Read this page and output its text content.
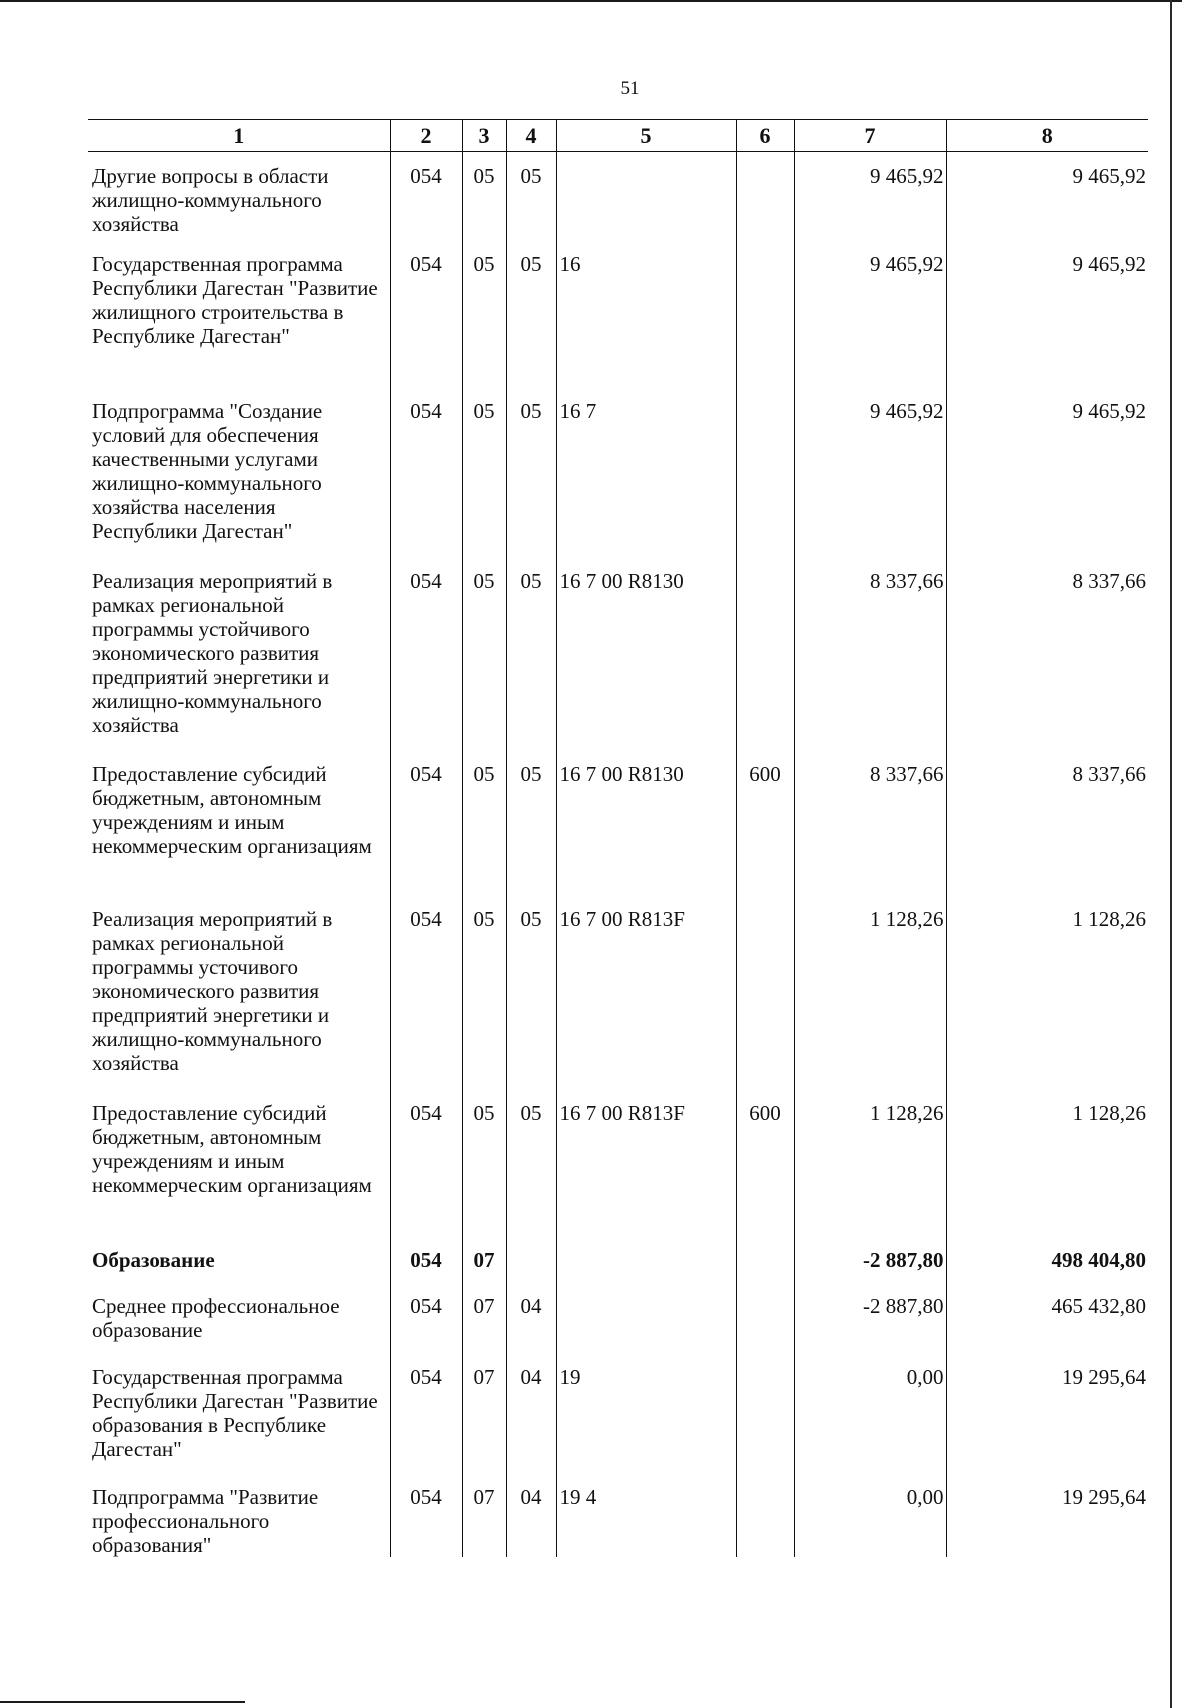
51
1	2	3	4	5	6	7	8
Другие вопросы в области жилищно-коммунального хозяйства	054	05	05			9 465,92	9 465,92
Государственная программа Республики Дагестан "Развитие жилищного строительства в Республике Дагестан"	054	05	05	16		9 465,92	9 465,92
Подпрограмма "Создание условий для обеспечения качественными услугами жилищно-коммунального хозяйства населения Республики Дагестан"	054	05	05	16 7		9 465,92	9 465,92
Реализация мероприятий в рамках региональной программы устойчивого экономического развития предприятий энергетики и жилищно-коммунального хозяйства	054	05	05	16 7 00 R8130		8 337,66	8 337,66
Предоставление субсидий бюджетным, автономным учреждениям и иным некоммерческим организациям	054	05	05	16 7 00 R8130	600	8 337,66	8 337,66
Реализация мероприятий в рамках региональной программы усточивого экономического развития предприятий энергетики и жилищно-коммунального хозяйства	054	05	05	16 7 00 R813F		1 128,26	1 128,26
Предоставление субсидий бюджетным, автономным учреждениям и иным некоммерческим организациям	054	05	05	16 7 00 R813F	600	1 128,26	1 128,26
Образование	054	07				-2 887,80	498 404,80
Среднее профессиональное образование	054	07	04			-2 887,80	465 432,80
Государственная программа Республики Дагестан "Развитие образования в Республике Дагестан"	054	07	04	19		0,00	19 295,64
Подпрограмма "Развитие профессионального образования"	054	07	04	19 4		0,00	19 295,64
